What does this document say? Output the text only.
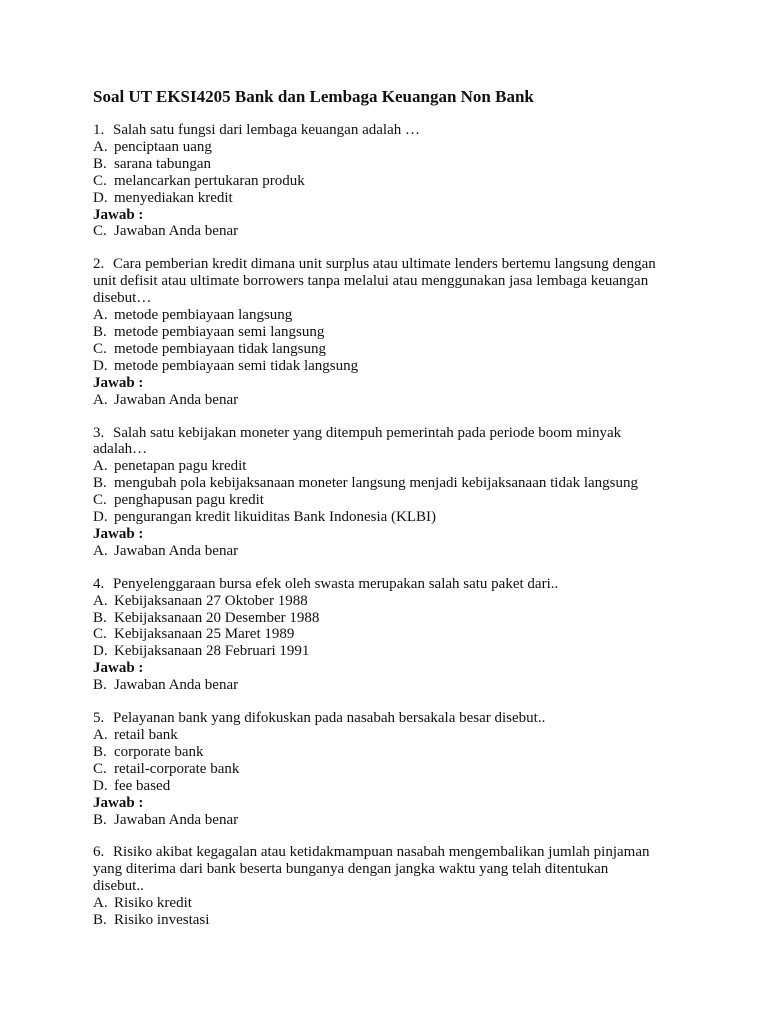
Soal UT EKSI4205 Bank dan Lembaga Keuangan Non Bank
1. Salah satu fungsi dari lembaga keuangan adalah …
A. penciptaan uang
B. sarana tabungan
C. melancarkan pertukaran produk
D. menyediakan kredit
Jawab :
C. Jawaban Anda benar
2. Cara pemberian kredit dimana unit surplus atau ultimate lenders bertemu langsung dengan
unit defisit atau ultimate borrowers tanpa melalui atau menggunakan jasa lembaga keuangan
disebut…
A. metode pembiayaan langsung
B. metode pembiayaan semi langsung
C. metode pembiayaan tidak langsung
D. metode pembiayaan semi tidak langsung
Jawab :
A. Jawaban Anda benar
3. Salah satu kebijakan moneter yang ditempuh pemerintah pada periode boom minyak
adalah…
A. penetapan pagu kredit
B. mengubah pola kebijaksanaan moneter langsung menjadi kebijaksanaan tidak langsung
C. penghapusan pagu kredit
D. pengurangan kredit likuiditas Bank Indonesia (KLBI)
Jawab :
A. Jawaban Anda benar
4. Penyelenggaraan bursa efek oleh swasta merupakan salah satu paket dari..
A. Kebijaksanaan 27 Oktober 1988
B. Kebijaksanaan 20 Desember 1988
C. Kebijaksanaan 25 Maret 1989
D. Kebijaksanaan 28 Februari 1991
Jawab :
B. Jawaban Anda benar
5. Pelayanan bank yang difokuskan pada nasabah bersakala besar disebut..
A. retail bank
B. corporate bank
C. retail-corporate bank
D. fee based
Jawab :
B. Jawaban Anda benar
6. Risiko akibat kegagalan atau ketidakmampuan nasabah mengembalikan jumlah pinjaman
yang diterima dari bank beserta bunganya dengan jangka waktu yang telah ditentukan
disebut..
A. Risiko kredit
B. Risiko investasi
